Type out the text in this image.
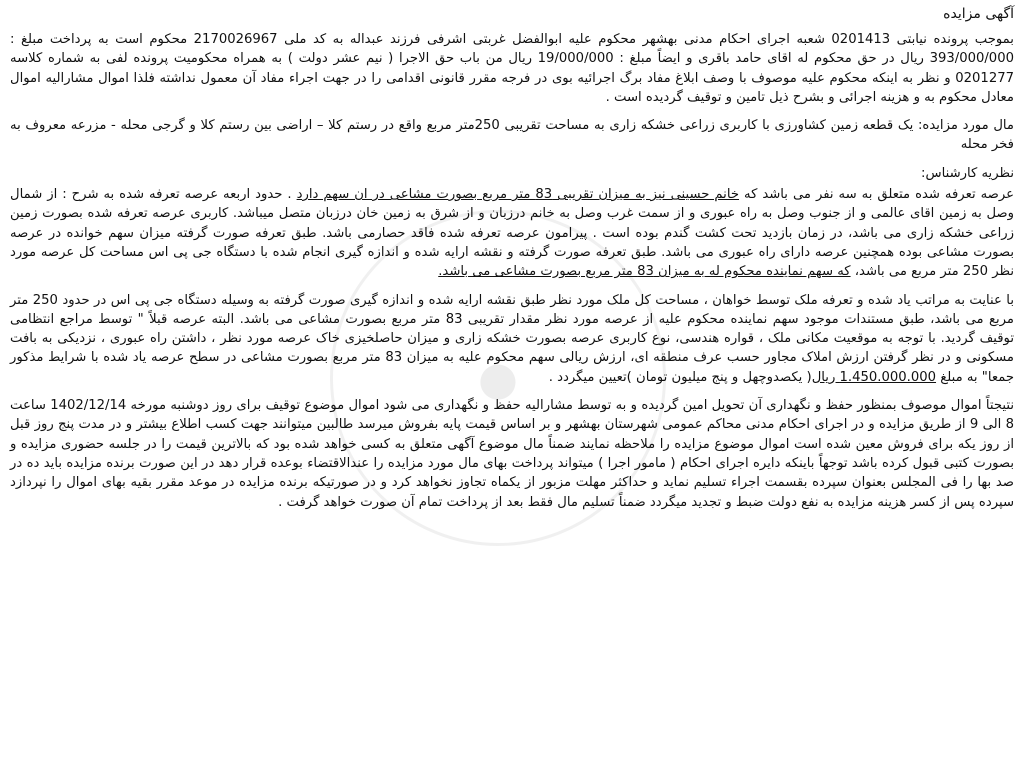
●
آگهی مزایده

بموجب پرونده نیابتی 0201413 شعبه اجرای احکام مدنی بهشهر محکوم علیه ابوالفضل غربتی اشرفی فرزند عبداله به کد ملی 2170026967 محکوم است به پرداخت مبلغ : 393/000/000 ریال در حق محکوم له اقای حامد باقری و ایضاً مبلغ : 19/000/000 ریال من باب حق الاجرا ( نیم عشر دولت ) به همراه محکومیت پرونده لفی به شماره کلاسه 0201277 و نظر به اینکه محکوم علیه موصوف با وصف ابلاغ مفاد برگ اجرائیه بوی در فرجه مقرر قانونی اقدامی را در جهت اجراء مفاد آن معمول نداشته فلذا اموال مشاراليه اموال معادل محکوم به و هزینه اجرائی و بشرح ذیل تامین و توقیف گردیده است .

مال مورد مزایده: یک قطعه زمین کشاورزی با کاربری زراعی خشکه زاری به مساحت تقریبی 250متر مربع واقع در رستم کلا – اراضی بین رستم کلا و گرجی محله - مزرعه معروف به فخر محله

نظریه کارشناس:

عرصه تعرفه شده متعلق به سه نفر می باشد که خانم حسینی نیز به میزان تقریبی 83 متر مربع بصورت مشاعی در ان سهم دارد . حدود اربعه عرصه تعرفه شده به شرح : از شمال وصل به زمین اقای عالمی و از جنوب وصل به راه عبوری و از سمت غرب وصل به خانم درزبان و از شرق به زمین خان درزبان متصل میباشد. کاربری عرصه تعرفه شده بصورت زمین زراعی خشکه زاری می باشد، در زمان بازدید تحت کشت گندم بوده است . پیرامون عرصه تعرفه شده فاقد حصارمی باشد. طبق تعرفه صورت گرفته میزان سهم خوانده در عرصه بصورت مشاعی بوده همچنین عرصه دارای راه عبوری می باشد. طبق تعرفه صورت گرفته و نقشه ارایه شده و اندازه گیری انجام شده با دستگاه جی پی اس مساحت کل عرصه مورد نظر 250 متر مربع می باشد، که سهم نماینده محکوم له به میزان 83 متر مربع بصورت مشاعی می باشد.

با عنایت به مراتب یاد شده و تعرفه ملک توسط خواهان ، مساحت کل ملک مورد نظر طبق نقشه ارایه شده و اندازه گیری صورت گرفته به وسیله دستگاه جی پی اس در حدود 250 متر مربع می باشد، طبق مستندات موجود سهم نماینده محکوم علیه از عرصه مورد نظر مقدار تقریبی 83 متر مربع بصورت مشاعی می باشد. البته عرصه قبلاً " توسط مراجع انتظامی توقیف گردید. با توجه به موقعیت مکانی ملک ، قواره هندسی، نوع کاربری عرصه بصورت خشکه زاری و میزان حاصلخیزی خاک عرصه مورد نظر ، داشتن راه عبوری ، نزدیکی به بافت مسکونی و در نظر گرفتن ارزش املاک مجاور حسب عرف منطقه ای، ارزش ریالی سهم محکوم علیه به میزان 83 متر مربع بصورت مشاعی در سطح عرصه یاد شده با شرایط مذکور جمعا" به مبلغ 1.450.000.000 ریال( یکصدوچهل و پنج میلیون تومان )تعیین میگردد .

نتیجتاً اموال موصوف بمنظور حفظ و نگهداری آن تحویل امین گردیده و به توسط مشاراليه حفظ و نگهداری می شود اموال موضوع توقیف برای روز دوشنبه مورخه 1402/12/14 ساعت 8 الی 9 از طریق مزایده و در اجرای احکام مدنی محاکم عمومی شهرستان بهشهر و بر اساس قیمت پایه بفروش میرسد طالبین میتوانند جهت کسب اطلاع بیشتر و در مدت پنج روز قبل از روز یکه برای فروش معین شده است اموال موضوع مزایده را ملاحظه نمایند ضمناً مال موضوع آگهی متعلق به کسی خواهد شده بود که بالاترین قیمت را در جلسه حضوری مزایده و بصورت کتبی قبول کرده باشد توجهاً باینکه دایره اجرای احکام ( مامور اجرا ) میتواند پرداخت بهای مال مورد مزایده را عندالاقتضاء بوعده قرار دهد در این صورت برنده مزایده باید ده در صد بها را فی المجلس بعنوان سپرده بقسمت اجراء تسلیم نماید و حداکثر مهلت مزبور از یکماه تجاوز نخواهد کرد و در صورتیکه برنده مزایده در موعد مقرر بقیه بهای اموال را نپردازد سپرده پس از کسر هزینه مزایده به نفع دولت ضبط و تجدید میگردد ضمناً تسلیم مال فقط بعد از پرداخت تمام آن صورت خواهد گرفت .
